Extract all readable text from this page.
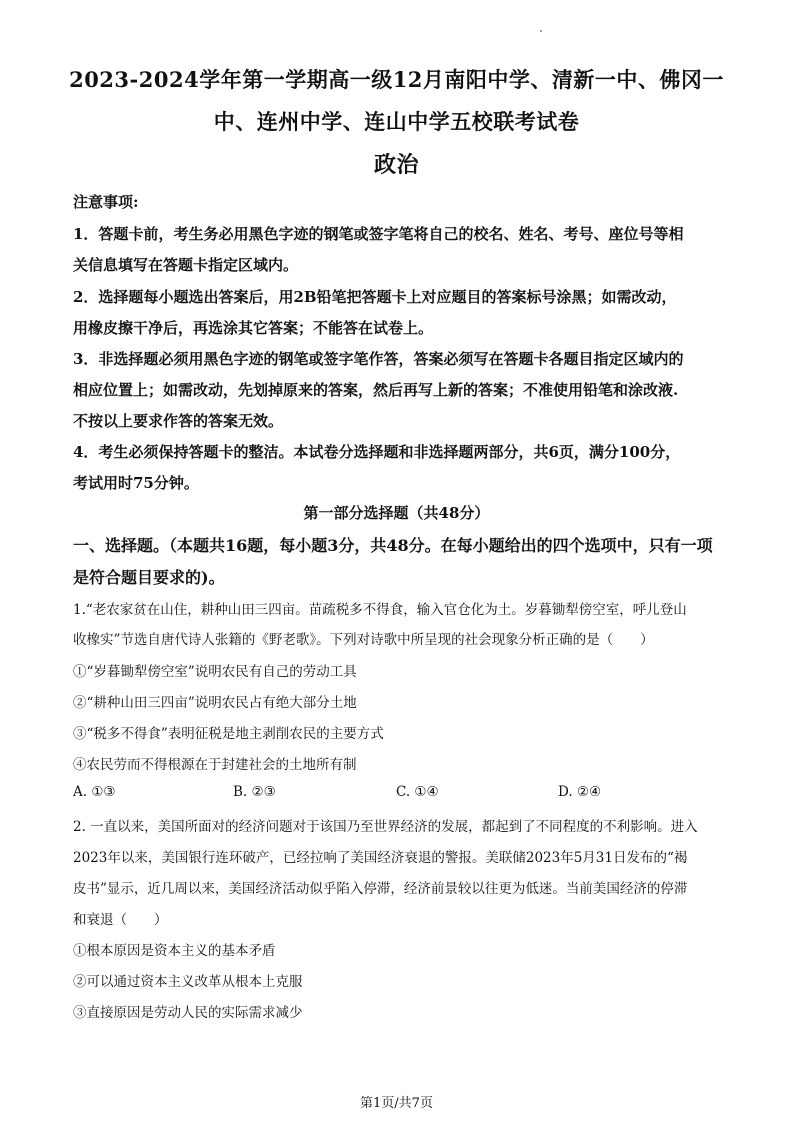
2023-2024学年第一学期高一级12月南阳中学、清新一中、佛冈一
中、连州中学、连山中学五校联考试卷
政治
注意事项:
1．答题卡前，考生务必用黑色字迹的钢笔或签字笔将自己的校名、姓名、考号、座位号等相
关信息填写在答题卡指定区域内。
2．选择题每小题选出答案后，用2B铅笔把答题卡上对应题目的答案标号涂黑；如需改动，
用橡皮擦干净后，再选涂其它答案；不能答在试卷上。
3．非选择题必须用黑色字迹的钢笔或签字笔作答，答案必须写在答题卡各题目指定区域内的
相应位置上；如需改动，先划掉原来的答案，然后再写上新的答案；不准使用铅笔和涂改液.
不按以上要求作答的答案无效。
4．考生必须保持答题卡的整洁。本试卷分选择题和非选择题两部分，共6页，满分100分，
考试用时75分钟。
第一部分选择题（共48分）
一、选择题。（本题共16题，每小题3分，共48分。在每小题给出的四个选项中，只有一项
是符合题目要求的)。
1.“老农家贫在山住，耕种山田三四亩。苗疏税多不得食，输入官仓化为土。岁暮锄犁傍空室，呼儿登山
收橡实”节选自唐代诗人张籍的《野老歌》。下列对诗歌中所呈现的社会现象分析正确的是（　　）
①“岁暮锄犁傍空室”说明农民有自己的劳动工具
②“耕种山田三四亩”说明农民占有绝大部分土地
③“税多不得食”表明征税是地主剥削农民的主要方式
④农民劳而不得根源在于封建社会的土地所有制
A. ①③	B. ②③	C. ①④	D. ②④
2. 一直以来，美国所面对的经济问题对于该国乃至世界经济的发展，都起到了不同程度的不利影响。进入
2023年以来，美国银行连环破产，已经拉响了美国经济衰退的警报。美联储2023年5月31日发布的“褐
皮书”显示，近几周以来，美国经济活动似乎陷入停滞，经济前景较以往更为低迷。当前美国经济的停滞
和衰退（　　）
①根本原因是资本主义的基本矛盾
②可以通过资本主义改革从根本上克服
③直接原因是劳动人民的实际需求减少
第1页/共7页
